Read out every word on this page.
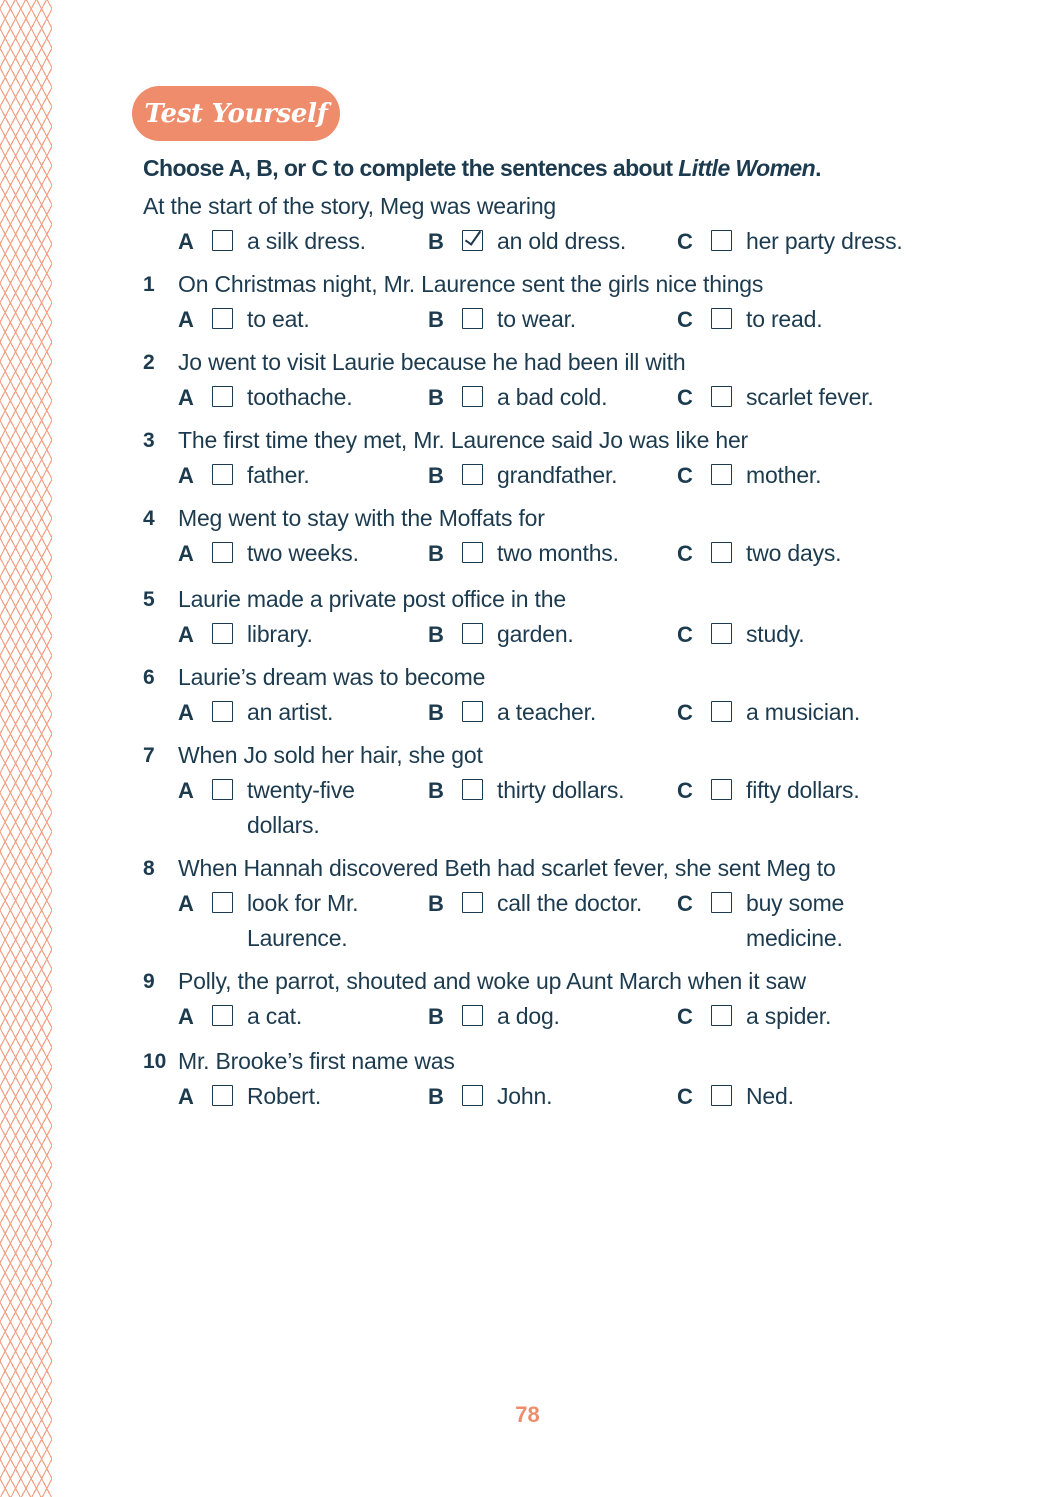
Test Yourself
Choose A, B, or C to complete the sentences about Little Women.
At the start of the story, Meg was wearing
A	a silk dress.	B	an old dress. C	her party dress.
1	On Christmas night, Mr. Laurence sent the girls nice things
A	to eat.	B	to wear.	C	to read.
2	Jo went to visit Laurie because he had been ill with
A	toothache.	B	a bad cold.	C	scarlet fever.
3	The first time they met, Mr. Laurence said Jo was like her
A	father.	B	grandfather.	C	mother.
4	Meg went to stay with the Moffats for
A	two weeks.	B	two months.	C	two days.
5	Laurie made a private post office in the
A	library.	B	garden.	C	study.
6	Laurie’s dream was to become
A	an artist.	B	a teacher.	C	a musician.
7	When Jo sold her hair, she got
A	twenty-five dollars.
B	thirty dollars. C	fifty dollars.
8	When Hannah discovered Beth had scarlet fever, she sent Meg to
A	look for Mr. Laurence.
B	call the doctor. C	buy some medicine.
9	Polly, the parrot, shouted and woke up Aunt March when it saw
A	a cat.	B	a dog.	C	a spider.
10 Mr. Brooke’s first name was
A	Robert.	B	John.	C	Ned.
78
